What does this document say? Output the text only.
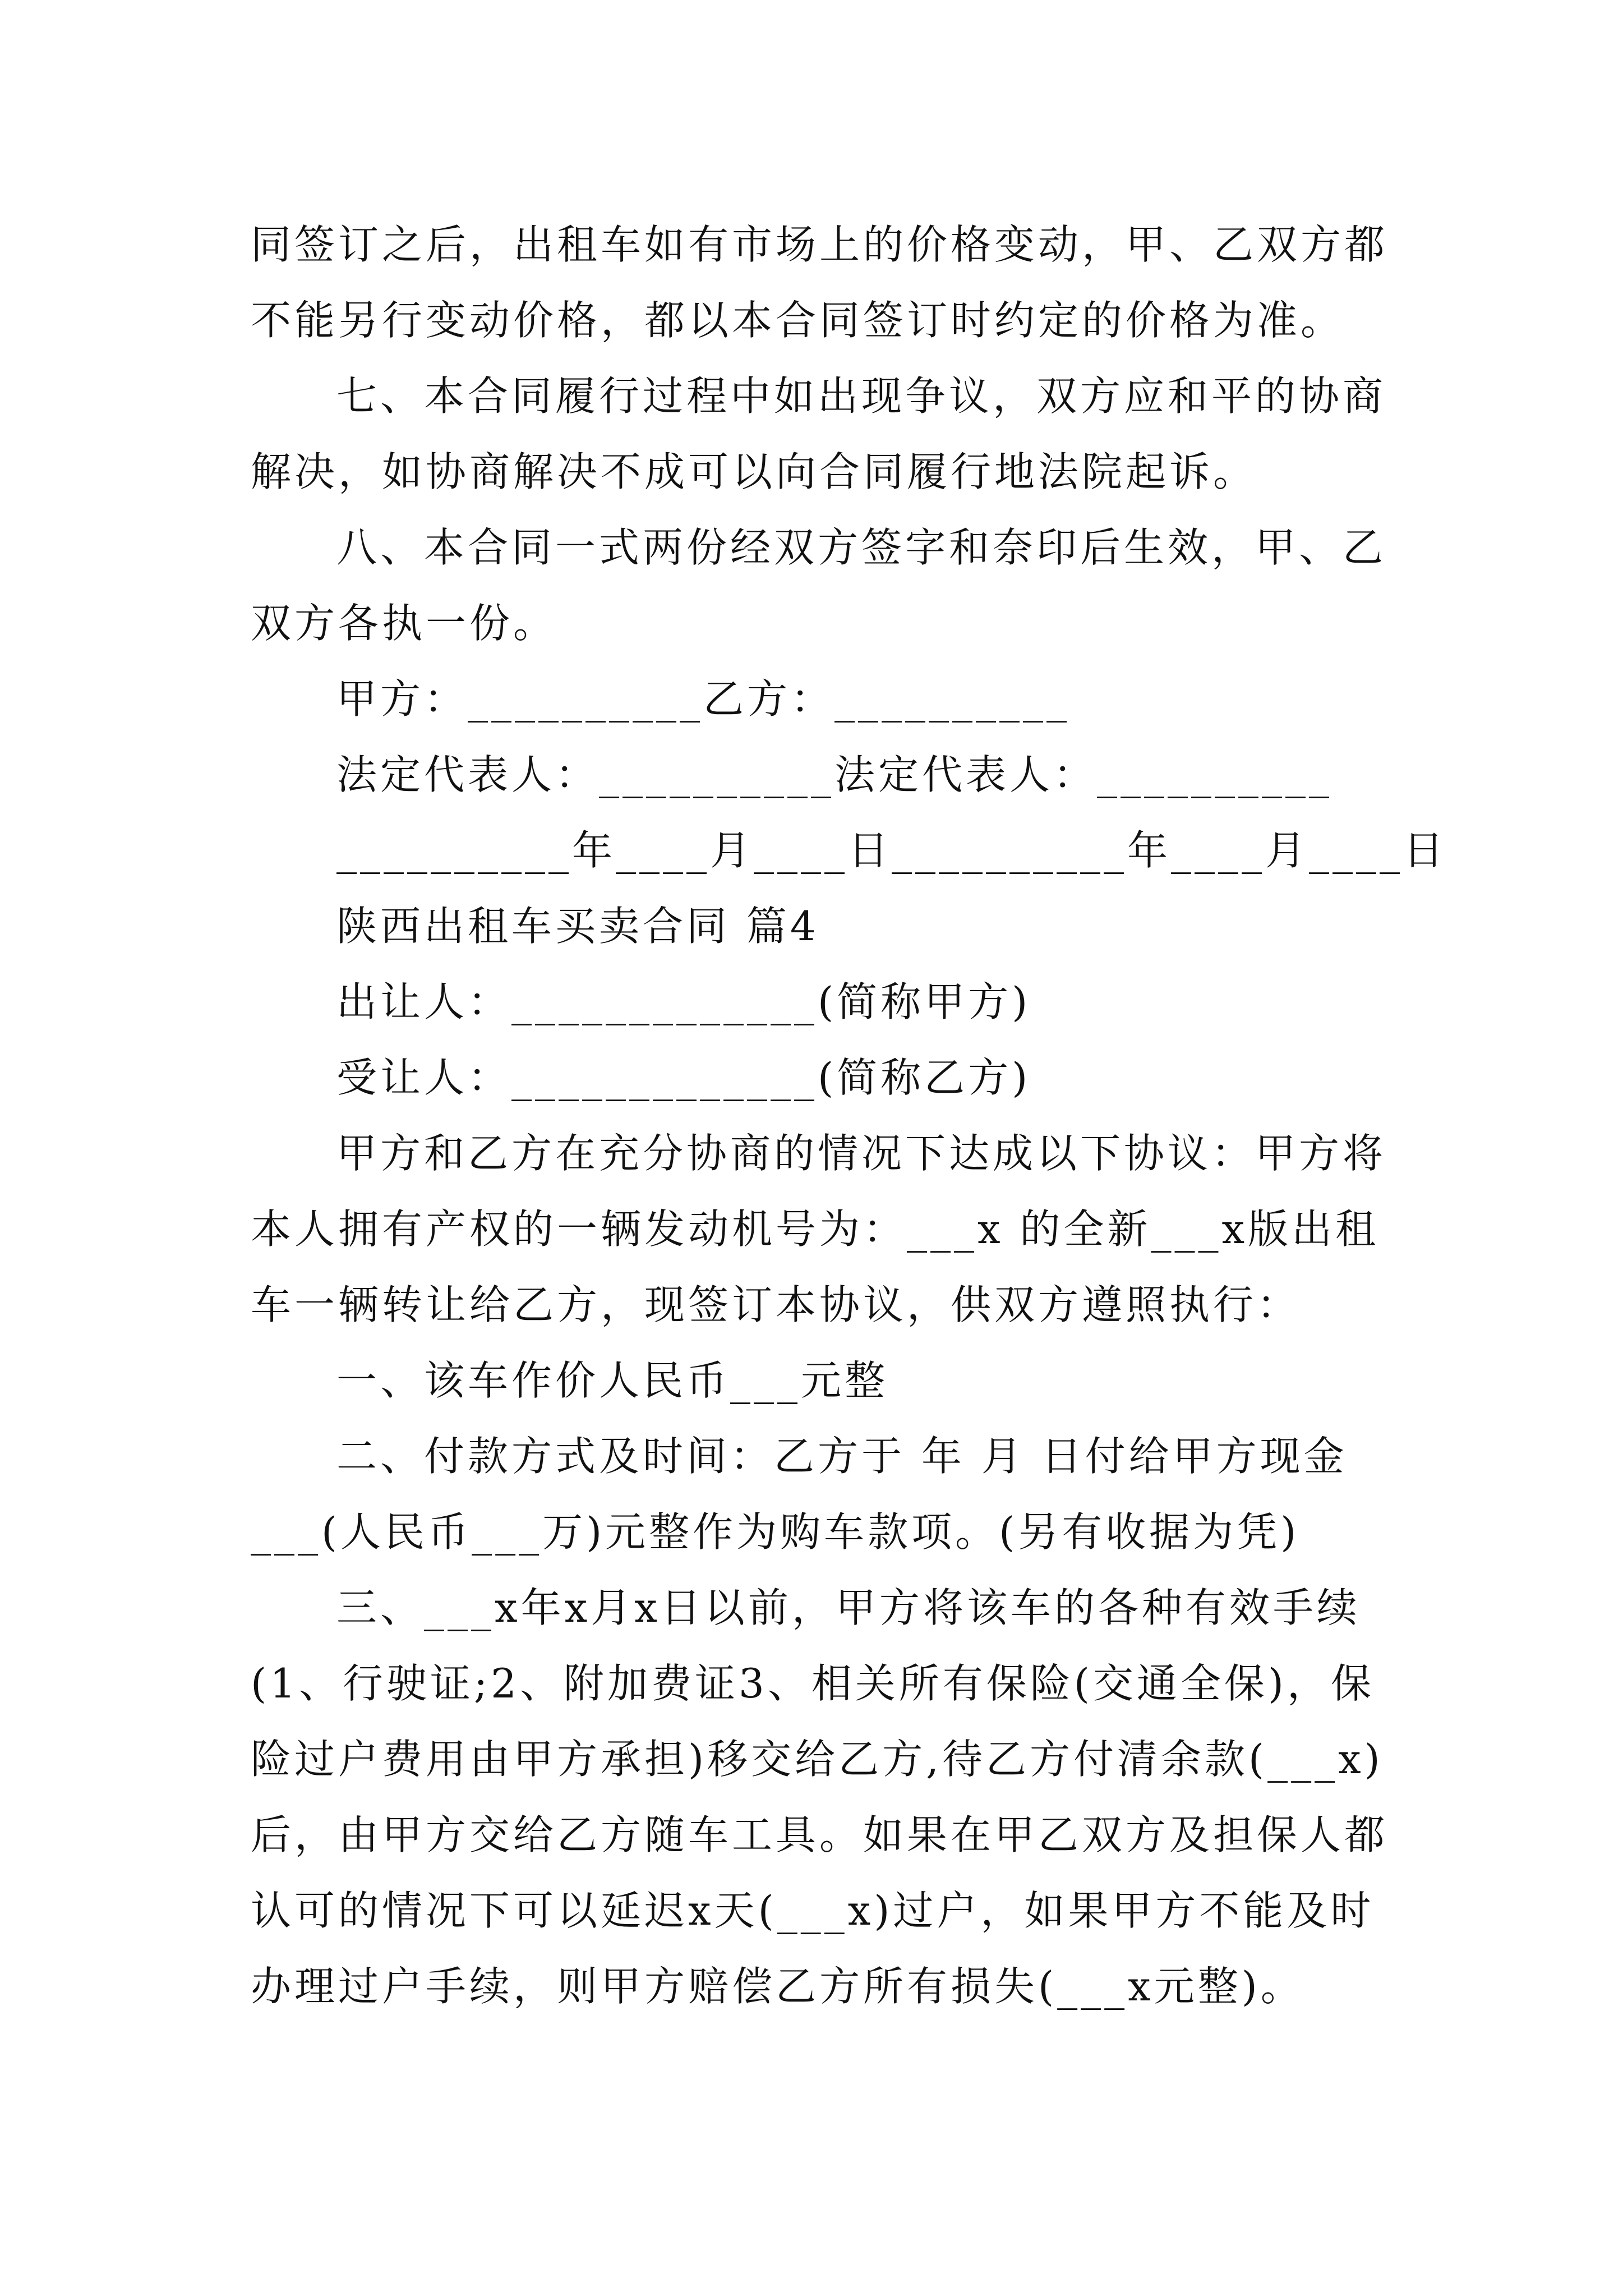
同签订之后，出租车如有市场上的价格变动，甲、乙双方都
不能另行变动价格，都以本合同签订时约定的价格为准。
七、本合同履行过程中如出现争议，双方应和平的协商
解决，如协商解决不成可以向合同履行地法院起诉。
八、本合同一式两份经双方签字和奈印后生效，甲、乙
双方各执一份。
甲方：__________乙方：__________
法定代表人：__________法定代表人：__________
__________年____月____日__________年____月____日
陕西出租车买卖合同 篇4
出让人：_____________(简称甲方)
受让人：_____________(简称乙方)
甲方和乙方在充分协商的情况下达成以下协议：甲方将
本人拥有产权的一辆发动机号为：___x 的全新___x版出租
车一辆转让给乙方，现签订本协议，供双方遵照执行：
一、该车作价人民币___元整
二、付款方式及时间：乙方于 年 月 日付给甲方现金
___(人民币___万)元整作为购车款项。(另有收据为凭)
三、___x年x月x日以前，甲方将该车的各种有效手续
(1、行驶证;2、附加费证3、相关所有保险(交通全保)，保
险过户费用由甲方承担)移交给乙方,待乙方付清余款(___x)
后，由甲方交给乙方随车工具。如果在甲乙双方及担保人都
认可的情况下可以延迟x天(___x)过户，如果甲方不能及时
办理过户手续，则甲方赔偿乙方所有损失(___x元整)。
